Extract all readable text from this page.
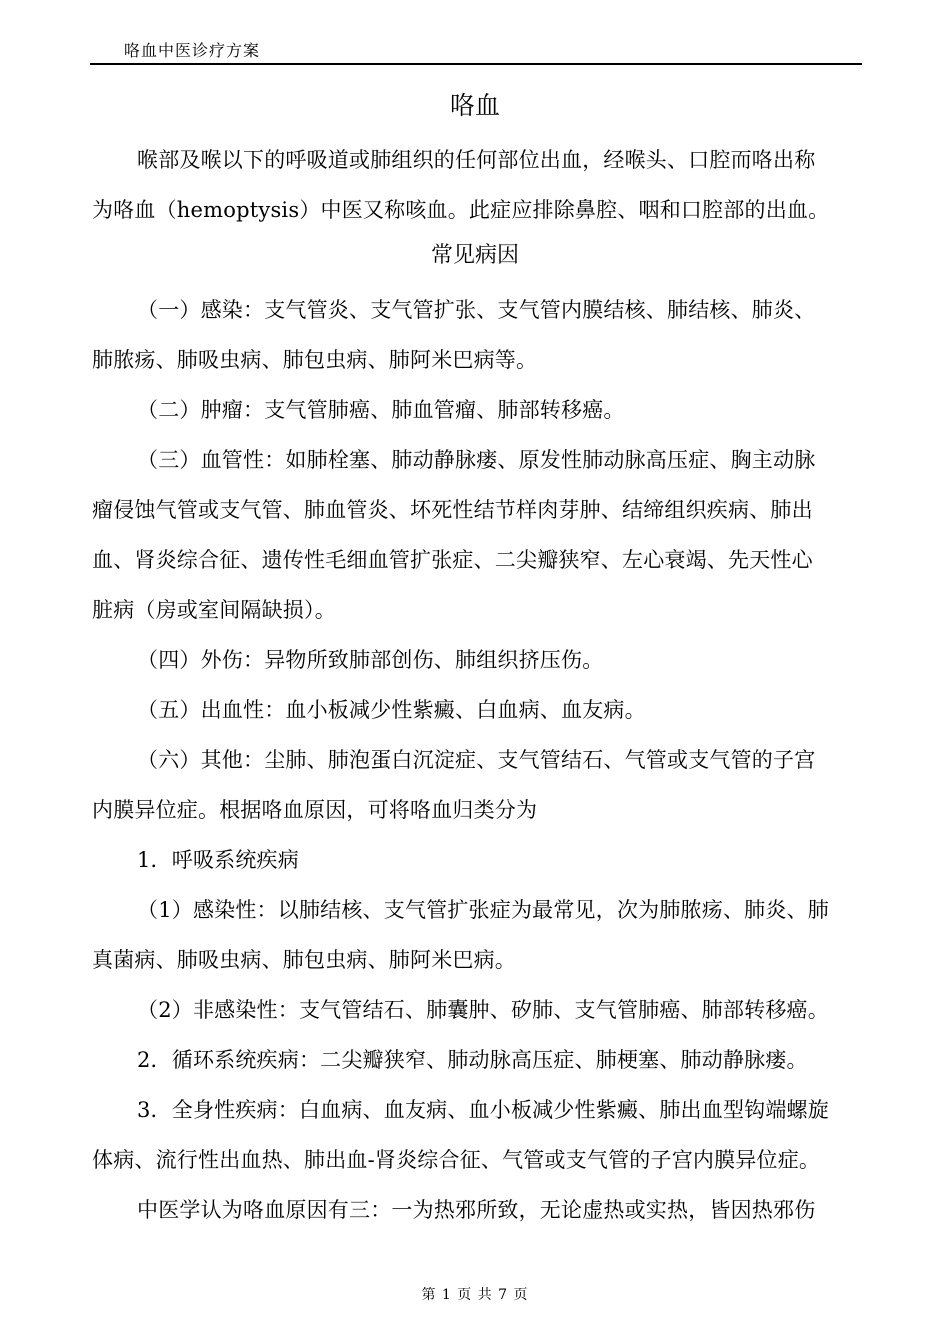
咯血中医诊疗方案
咯血
喉部及喉以下的呼吸道或肺组织的任何部位出血，经喉头、口腔而咯出称
为咯血（hemoptysis）中医又称咳血。此症应排除鼻腔、咽和口腔部的出血。
常见病因
（一）感染：支气管炎、支气管扩张、支气管内膜结核、肺结核、肺炎、
肺脓疡、肺吸虫病、肺包虫病、肺阿米巴病等。
（二）肿瘤：支气管肺癌、肺血管瘤、肺部转移癌。
（三）血管性：如肺栓塞、肺动静脉瘘、原发性肺动脉高压症、胸主动脉
瘤侵蚀气管或支气管、肺血管炎、坏死性结节样肉芽肿、结缔组织疾病、肺出
血、肾炎综合征、遗传性毛细血管扩张症、二尖瓣狭窄、左心衰竭、先天性心
脏病（房或室间隔缺损）。
（四）外伤：异物所致肺部创伤、肺组织挤压伤。
（五）出血性：血小板减少性紫癜、白血病、血友病。
（六）其他：尘肺、肺泡蛋白沉淀症、支气管结石、气管或支气管的子宫
内膜异位症。根据咯血原因，可将咯血归类分为
1．呼吸系统疾病
（1）感染性：以肺结核、支气管扩张症为最常见，次为肺脓疡、肺炎、肺
真菌病、肺吸虫病、肺包虫病、肺阿米巴病。
（2）非感染性：支气管结石、肺囊肿、矽肺、支气管肺癌、肺部转移癌。
2．循环系统疾病：二尖瓣狭窄、肺动脉高压症、肺梗塞、肺动静脉瘘。
3．全身性疾病：白血病、血友病、血小板减少性紫癜、肺出血型钩端螺旋
体病、流行性出血热、肺出血-肾炎综合征、气管或支气管的子宫内膜异位症。
中医学认为咯血原因有三：一为热邪所致，无论虚热或实热，皆因热邪伤
第 1 页 共 7 页
